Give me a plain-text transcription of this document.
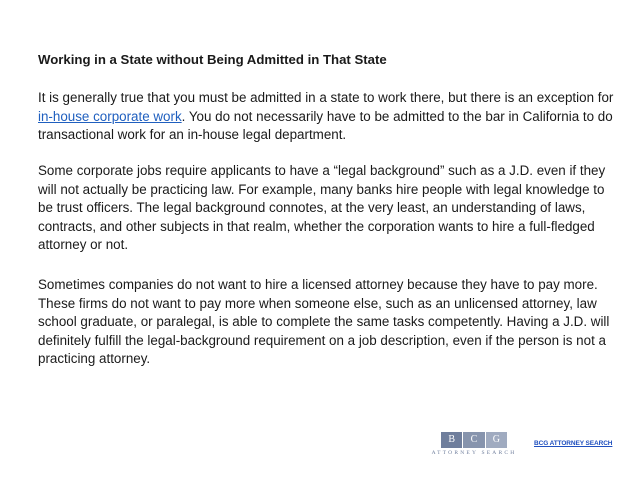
Working in a State without Being Admitted in That State

It is generally true that you must be admitted in a state to work there, but there is an exception for in-house corporate work. You do not necessarily have to be admitted to the bar in California to do transactional work for an in-house legal department.

Some corporate jobs require applicants to have a “legal background” such as a J.D. even if they will not actually be practicing law. For example, many banks hire people with legal knowledge to be trust officers. The legal background connotes, at the very least, an understanding of laws, contracts, and other subjects in that realm, whether the corporation wants to hire a full-fledged attorney or not.

Sometimes companies do not want to hire a licensed attorney because they have to pay more. These firms do not want to pay more when someone else, such as an unlicensed attorney, law school graduate, or paralegal, is able to complete the same tasks competently. Having a J.D. will definitely fulfill the legal-background requirement on a job description, even if the person is not a practicing attorney.

B	C	G
ATTORNEY SEARCH
BCG ATTORNEY SEARCH
